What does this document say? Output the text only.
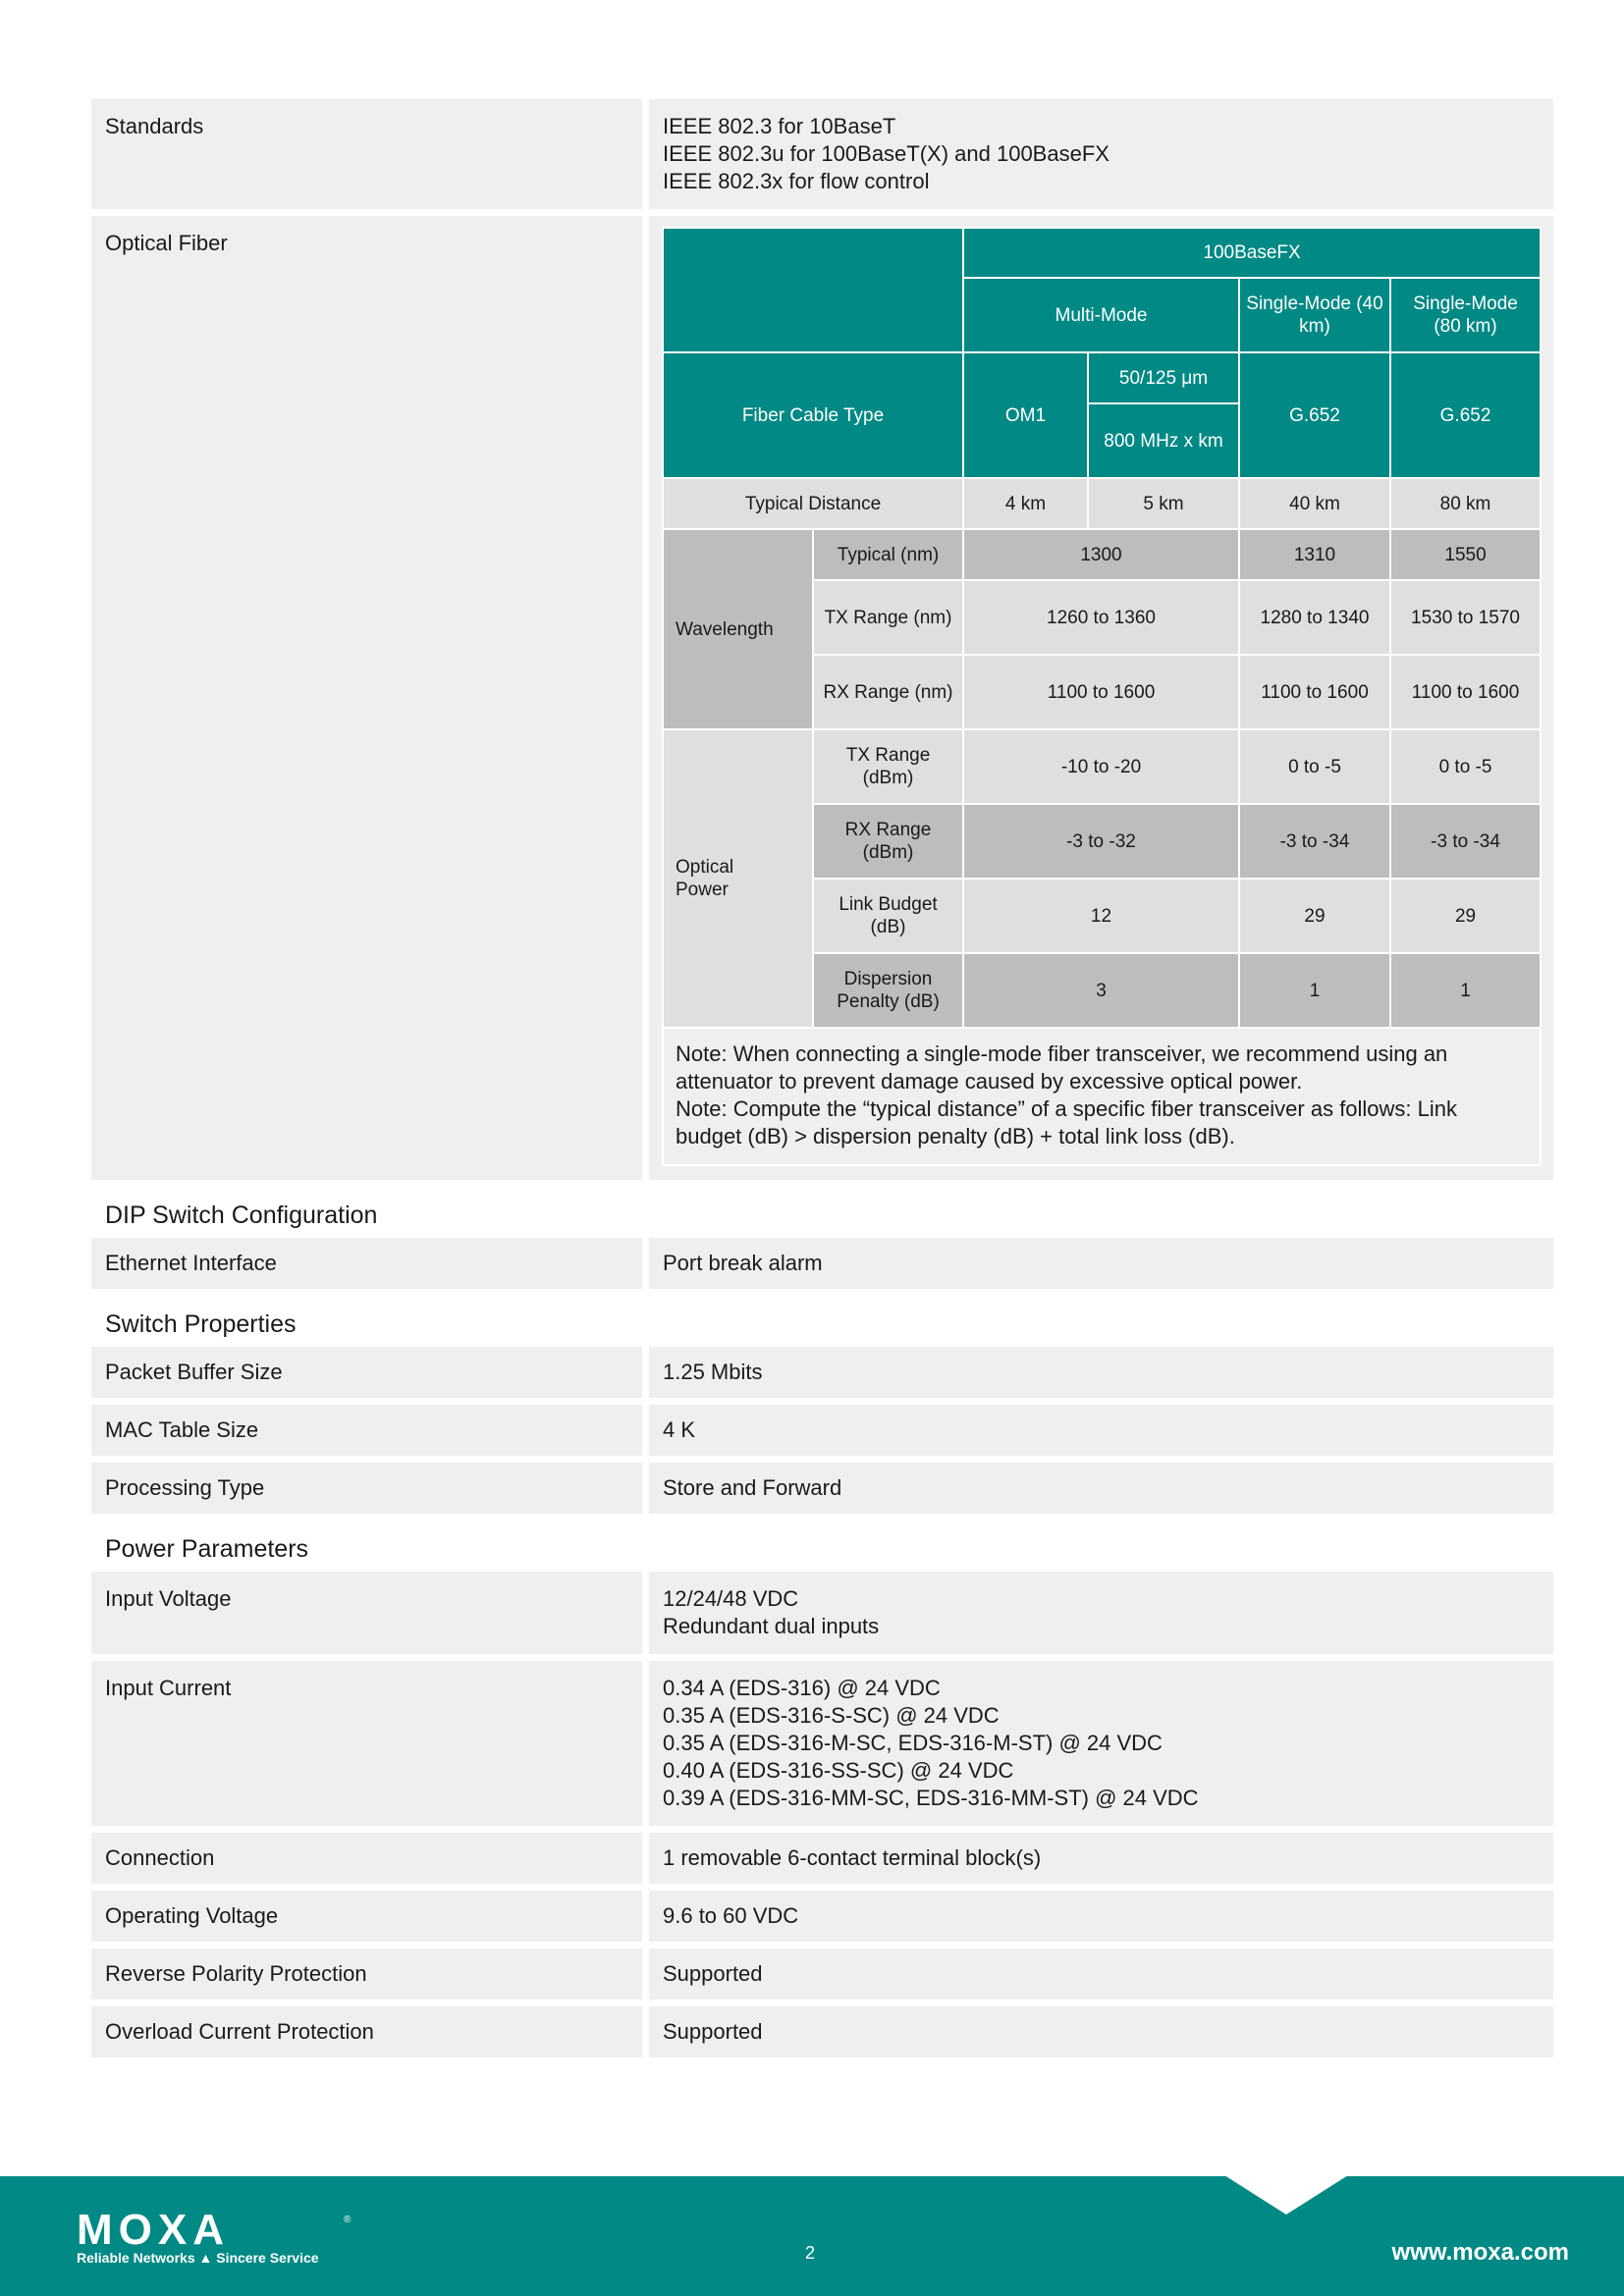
Standards	IEEE 802.3 for 10BaseT
IEEE 802.3u for 100BaseT(X) and 100BaseFX
IEEE 802.3x for flow control
Optical Fiber
		100BaseFX			
		Multi-Mode		Single-Mode (40 km)	Single-Mode (80 km)
Fiber Cable Type		OM1	50/125 μm	G.652	G.652
			800 MHz x km		
Typical Distance		4 km	5 km	40 km	80 km
Wavelength	Typical (nm)	1300		1310	1550
	TX Range (nm)	1260 to 1360		1280 to 1340	1530 to 1570
	RX Range (nm)	1100 to 1600		1100 to 1600	1100 to 1600
Optical Power	TX Range (dBm)	-10 to -20		0 to -5	0 to -5
	RX Range (dBm)	-3 to -32		-3 to -34	-3 to -34
	Link Budget (dB)	12		29	29
	Dispersion Penalty (dB)	3		1	1

Note: When connecting a single-mode fiber transceiver, we recommend using an attenuator to prevent damage caused by excessive optical power.
Note: Compute the “typical distance” of a specific fiber transceiver as follows: Link budget (dB) > dispersion penalty (dB) + total link loss (dB).					
DIP Switch Configuration
Ethernet Interface	Port break alarm
Switch Properties
Packet Buffer Size	1.25 Mbits
MAC Table Size	4 K
Processing Type	Store and Forward
Power Parameters
Input Voltage	12/24/48 VDC
Redundant dual inputs
Input Current	0.34 A (EDS-316) @ 24 VDC
0.35 A (EDS-316-S-SC) @ 24 VDC
0.35 A (EDS-316-M-SC, EDS-316-M-ST) @ 24 VDC
0.40 A (EDS-316-SS-SC) @ 24 VDC
0.39 A (EDS-316-MM-SC, EDS-316-MM-ST) @ 24 VDC
Connection	1 removable 6-contact terminal block(s)
Operating Voltage	9.6 to 60 VDC
Reverse Polarity Protection	Supported
Overload Current Protection	Supported
MOXA	®
Reliable Networks ▲ Sincere Service	2	www.moxa.com
